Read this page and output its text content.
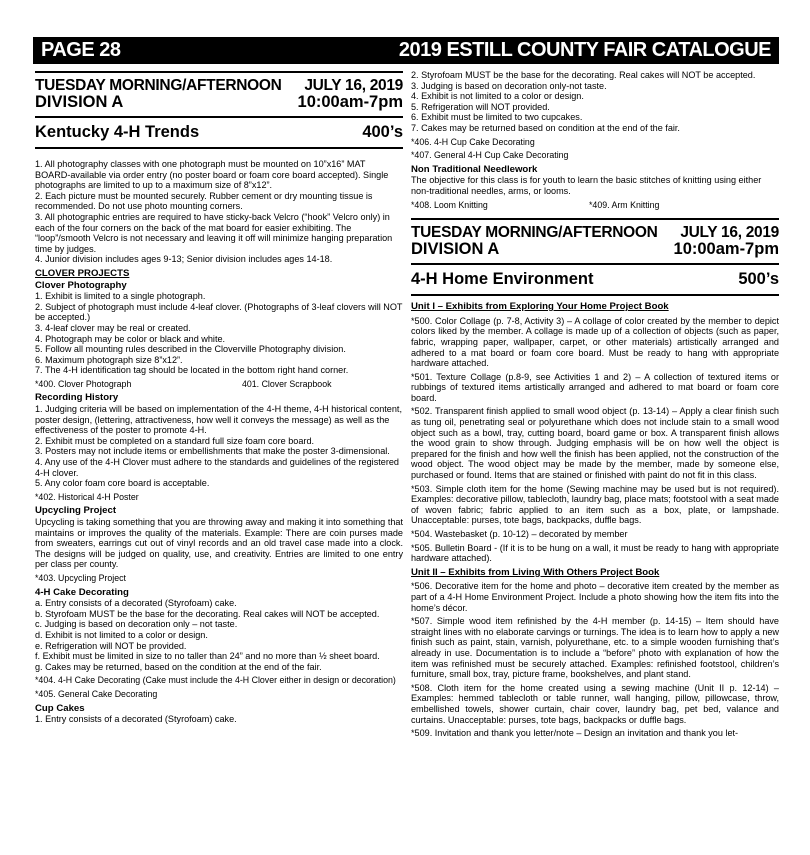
PAGE 28	2019 ESTILL COUNTY FAIR CATALOGUE
TUESDAY MORNING/AFTERNOON JULY 16, 2019
DIVISION A	10:00am-7pm
Kentucky 4-H Trends	400’s

1. All photography classes with one photograph must be mounted on 10”x16” MAT BOARD-available via order entry (no poster board or foam core board accepted). Single photographs are limited to up to a maximum size of 8”x12”.

2. Each picture must be mounted securely. Rubber cement or dry mounting tissue is recommended. Do not use photo mounting corners.

3. All photographic entries are required to have sticky-back Velcro (“hook” Velcro only) in each of the four corners on the back of the mat board for easier exhibiting. The “loop”/smooth Velcro is not necessary and leaving it off will minimize hanging preparation time by judges.

4. Junior division includes ages 9-13; Senior division includes ages 14-18.

CLOVER PROJECTS
Clover Photography

1. Exhibit is limited to a single photograph.

2. Subject of photograph must include 4-leaf clover. (Photographs of 3-leaf clovers will NOT be accepted.)

3. 4-leaf clover may be real or created.

4. Photograph may be color or black and white.

5. Follow all mounting rules described in the Cloverville Photography division.

6. Maximum photograph size 8”x12”.

7. The 4-H identification tag should be located in the bottom right hand corner.

*400. Clover Photograph	401. Clover Scrapbook
Recording History

1. Judging criteria will be based on implementation of the 4-H theme, 4-H historical content, poster design, (lettering, attractiveness, how well it conveys the message) as well as the effectiveness of the poster to promote 4-H.

2. Exhibit must be completed on a standard full size foam core board.

3. Posters may not include items or embellishments that make the poster 3-dimensional.

4. Any use of the 4-H Clover must adhere to the standards and guidelines of the registered 4-H clover.

5. Any color foam core board is acceptable.

*402. Historical 4-H Poster
Upcycling Project

Upcycling is taking something that you are throwing away and making it into something that maintains or improves the quality of the materials. Example: There are coin purses made from sweaters, earrings cut out of vinyl records and an old travel case made into a clock. The designs will be judged on quality, use, and creativity. Entries are limited to one entry per class per county.

*403. Upcycling Project
4-H Cake Decorating

a. Entry consists of a decorated (Styrofoam) cake.

b. Styrofoam MUST be the base for the decorating. Real cakes will NOT be accepted.

c. Judging is based on decoration only – not taste.

d. Exhibit is not limited to a color or design.

e. Refrigeration will NOT be provided.

f. Exhibit must be limited in size to no taller than 24” and no more than ½ sheet board.

g. Cakes may be returned, based on the condition at the end of the fair.

*404. 4-H Cake Decorating (Cake must include the 4-H Clover either in design or decoration)
*405. General Cake Decorating
Cup Cakes

1. Entry consists of a decorated (Styrofoam) cake.

2. Styrofoam MUST be the base for the decorating. Real cakes will NOT be accepted.

3. Judging is based on decoration only-not taste.

4. Exhibit is not limited to a color or design.

5. Refrigeration will NOT provided.

6. Exhibit must be limited to two cupcakes.

7. Cakes may be returned based on condition at the end of the fair.

*406. 4-H Cup Cake Decorating
*407. General 4-H Cup Cake Decorating
Non Traditional Needlework

The objective for this class is for youth to learn the basic stitches of knitting using either non-traditional needles, arms, or looms.

*408. Loom Knitting	*409. Arm Knitting
TUESDAY MORNING/AFTERNOON JULY 16, 2019
DIVISION A	10:00am-7pm
4-H Home Environment	500’s
Unit I – Exhibits from Exploring Your Home Project Book

*500. Color Collage (p. 7-8, Activity 3) – A collage of color created by the member to depict colors liked by the member. A collage is made up of a collection of objects (such as paper, fabric, wrapping paper, wallpaper, carpet, or other materials) artistically arranged and adhered to a mat board or foam core board. Must be ready to hang with appropriate hardware attached.

*501. Texture Collage (p.8-9, see Activities 1 and 2) – A collection of textured items or rubbings of textured items artistically arranged and adhered to mat board or foam core board.

*502. Transparent finish applied to small wood object (p. 13-14) – Apply a clear finish such as tung oil, penetrating seal or polyurethane which does not include stain to a small wood object such as a bowl, tray, cutting board, board game or box. A transparent finish allows the wood grain to show through. Judging emphasis will be on how well the object is prepared for the finish and how well the finish has been applied, not the construction of the wood object. The wood object may be made by the member, made by someone else, purchased or found. Items that are stained or finished with paint do not fit in this class.

*503. Simple cloth item for the home (Sewing machine may be used but is not required). Examples: decorative pillow, tablecloth, laundry bag, place mats; footstool with a seat made of woven fabric; fabric applied to an item such as a box, plate, or lampshade. Unacceptable: purses, tote bags, backpacks, duffle bags.

*504. Wastebasket (p. 10-12) – decorated by member

*505. Bulletin Board - (If it is to be hung on a wall, it must be ready to hang with appropriate hardware attached).

Unit II – Exhibits from Living With Others Project Book

*506. Decorative item for the home and photo – decorative item created by the member as part of a 4-H Home Environment Project. Include a photo showing how the item fits into the home’s décor.

*507. Simple wood item refinished by the 4-H member (p. 14-15) – Item should have straight lines with no elaborate carvings or turnings. The idea is to learn how to apply a new finish such as paint, stain, varnish, polyurethane, etc. to a simple wooden furnishing that’s already in use. Documentation is to include a “before” photo with explanation of how the item was refinished must be securely attached. Examples: refinished footstool, children’s furniture, small box, tray, picture frame, bookshelves, and plant stand.

*508. Cloth item for the home created using a sewing machine (Unit II p. 12-14) – Examples: hemmed tablecloth or table runner, wall hanging, pillow, pillowcase, throw, embellished towels, shower curtain, chair cover, laundry bag, pet bed, valance and curtains. Unacceptable: purses, tote bags, backpacks or duffle bags.

*509. Invitation and thank you letter/note – Design an invitation and thank you let-
